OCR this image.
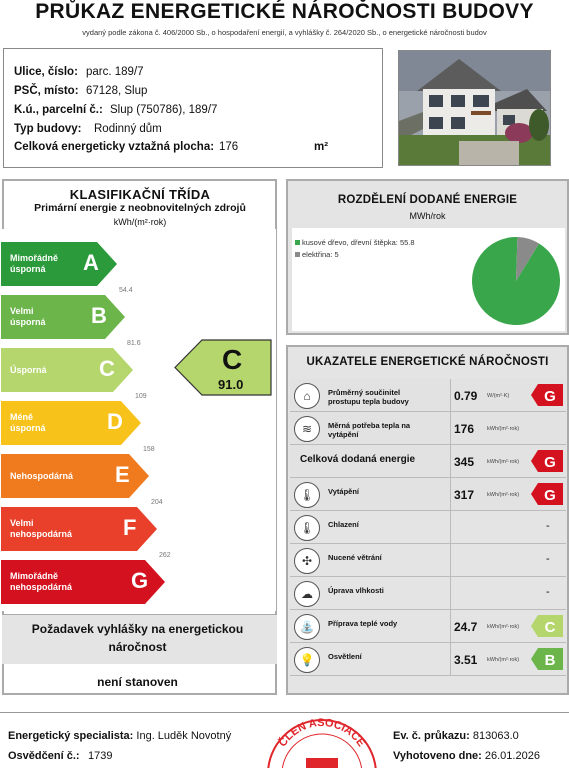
PRŮKAZ ENERGETICKÉ NÁROČNOSTI BUDOVY
vydaný podle zákona č. 406/2000 Sb., o hospodaření energií, a vyhlášky č. 264/2020 Sb., o energetické náročnosti budov
Ulice, číslo: parc. 189/7
PSČ, místo: 67128, Slup
K.ú., parcelní č.: Slup (750786), 189/7
Typ budovy: Rodinný dům
Celková energeticky vztažná plocha: 176	m²
KLASIFIKAČNÍ TŘÍDA
Primární energie z neobnovitelných zdrojů
kWh/(m²·rok)
Mimořádně
úsporná	A
54.4
Velmi
úsporná	B
81.6
Úsporná	C
109
Méně
úsporná	D
158
Nehospodárná	E
204
Velmi
nehospodárná	F
262
Mimořádně
nehospodárná	G
C
91.0
Požadavek vyhlášky na energetickou
náročnost
není stanoven
ROZDĚLENÍ DODANÉ ENERGIE
MWh/rok
kusové dřevo, dřevní štěpka: 55.8
elektřina: 5
UKAZATELE ENERGETICKÉ NÁROČNOSTI
⌂	Průměrný součinitel prostupu tepla budovy	0.79 W/(m²·K) G
≋	Měrná potřeba tepla na vytápění	176 kWh/(m²·rok)
Celková dodaná energie	345 kWh/(m²·rok) G
🌡	Vytápění	317 kWh/(m²·rok) G
🌡	Chlazení	-
✣	Nucené větrání	-
☁	Úprava vlhkosti	-
⛲	Příprava teplé vody	24.7 kWh/(m²·rok) C
💡	Osvětlení	3.51 kWh/(m²·rok) B
Energetický specialista: Ing. Luděk Novotný
Osvědčení č.: 1739
Ev. č. průkazu: 813063.0
Vyhotoveno dne: 26.01.2026
ČLEN ASOCIACE
